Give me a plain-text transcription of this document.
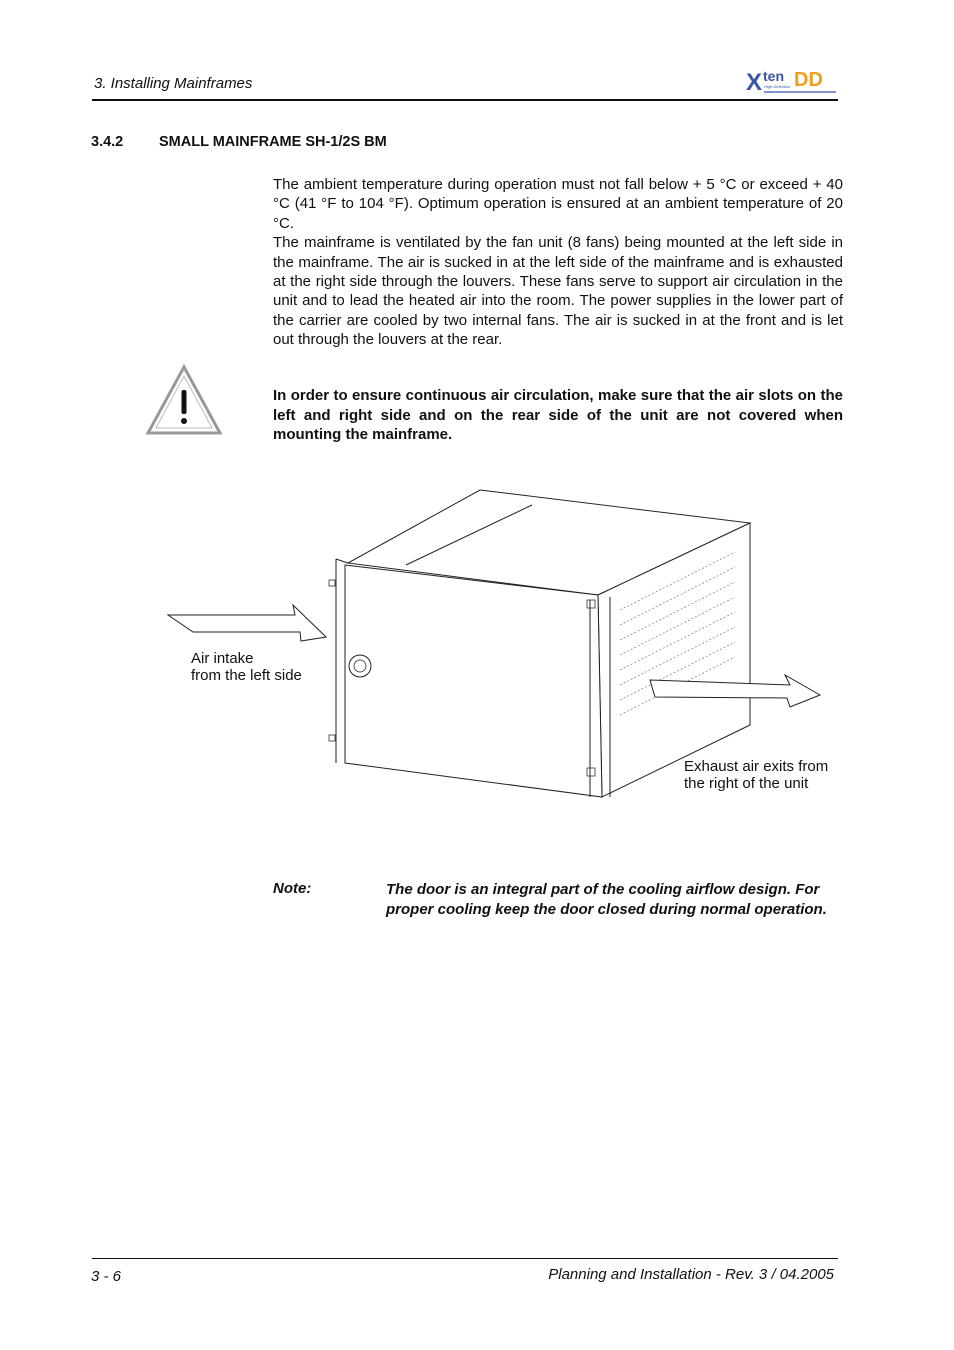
3. Installing Mainframes	X ten DD
High Definition
3.4.2 SMALL MAINFRAME SH-1/2S BM

The ambient temperature during operation must not fall below + 5 °C or exceed + 40 °C (41 °F to 104 °F). Optimum operation is ensured at an ambient temperature of 20 °C.

The mainframe is ventilated by the fan unit (8 fans) being mounted at the left side in the mainframe. The air is sucked in at the left side of the mainframe and is exhausted at the right side through the louvers. These fans serve to support air circulation in the unit and to lead the heated air into the room. The power supplies in the lower part of the carrier are cooled by two internal fans. The air is sucked in at the front and is let out through the louvers at the rear.

In order to ensure continuous air circulation, make sure that the air slots on the left and right side and on the rear side of the unit are not covered when mounting the mainframe.
Air intake
from the left side
Exhaust air exits from
the right of the unit
Note:	The door is an integral part of the cooling airflow design. For proper cooling keep the door closed during normal operation.
3 - 6	Planning and Installation - Rev. 3 / 04.2005
